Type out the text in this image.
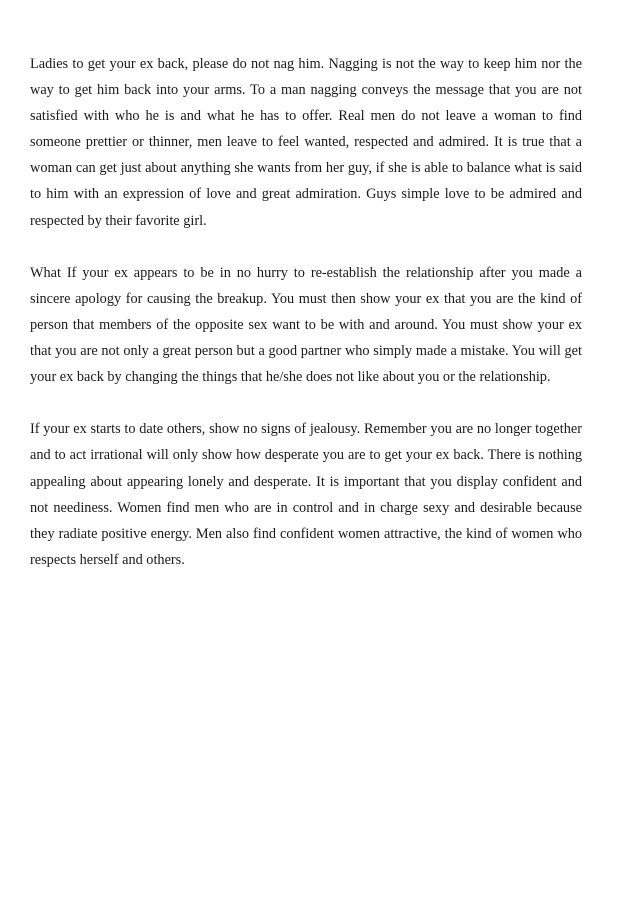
Ladies to get your ex back, please do not nag him. Nagging is not the way to keep him nor the way to get him back into your arms. To a man nagging conveys the message that you are not satisfied with who he is and what he has to offer. Real men do not leave a woman to find someone prettier or thinner, men leave to feel wanted, respected and admired. It is true that a woman can get just about anything she wants from her guy, if she is able to balance what is said to him with an expression of love and great admiration. Guys simple love to be admired and respected by their favorite girl.

What If your ex appears to be in no hurry to re-establish the relationship after you made a sincere apology for causing the breakup. You must then show your ex that you are the kind of person that members of the opposite sex want to be with and around. You must show your ex that you are not only a great person but a good partner who simply made a mistake. You will get your ex back by changing the things that he/she does not like about you or the relationship.

If your ex starts to date others, show no signs of jealousy. Remember you are no longer together and to act irrational will only show how desperate you are to get your ex back. There is nothing appealing about appearing lonely and desperate. It is important that you display confident and not neediness. Women find men who are in control and in charge sexy and desirable because they radiate positive energy. Men also find confident women attractive, the kind of women who respects herself and others.
